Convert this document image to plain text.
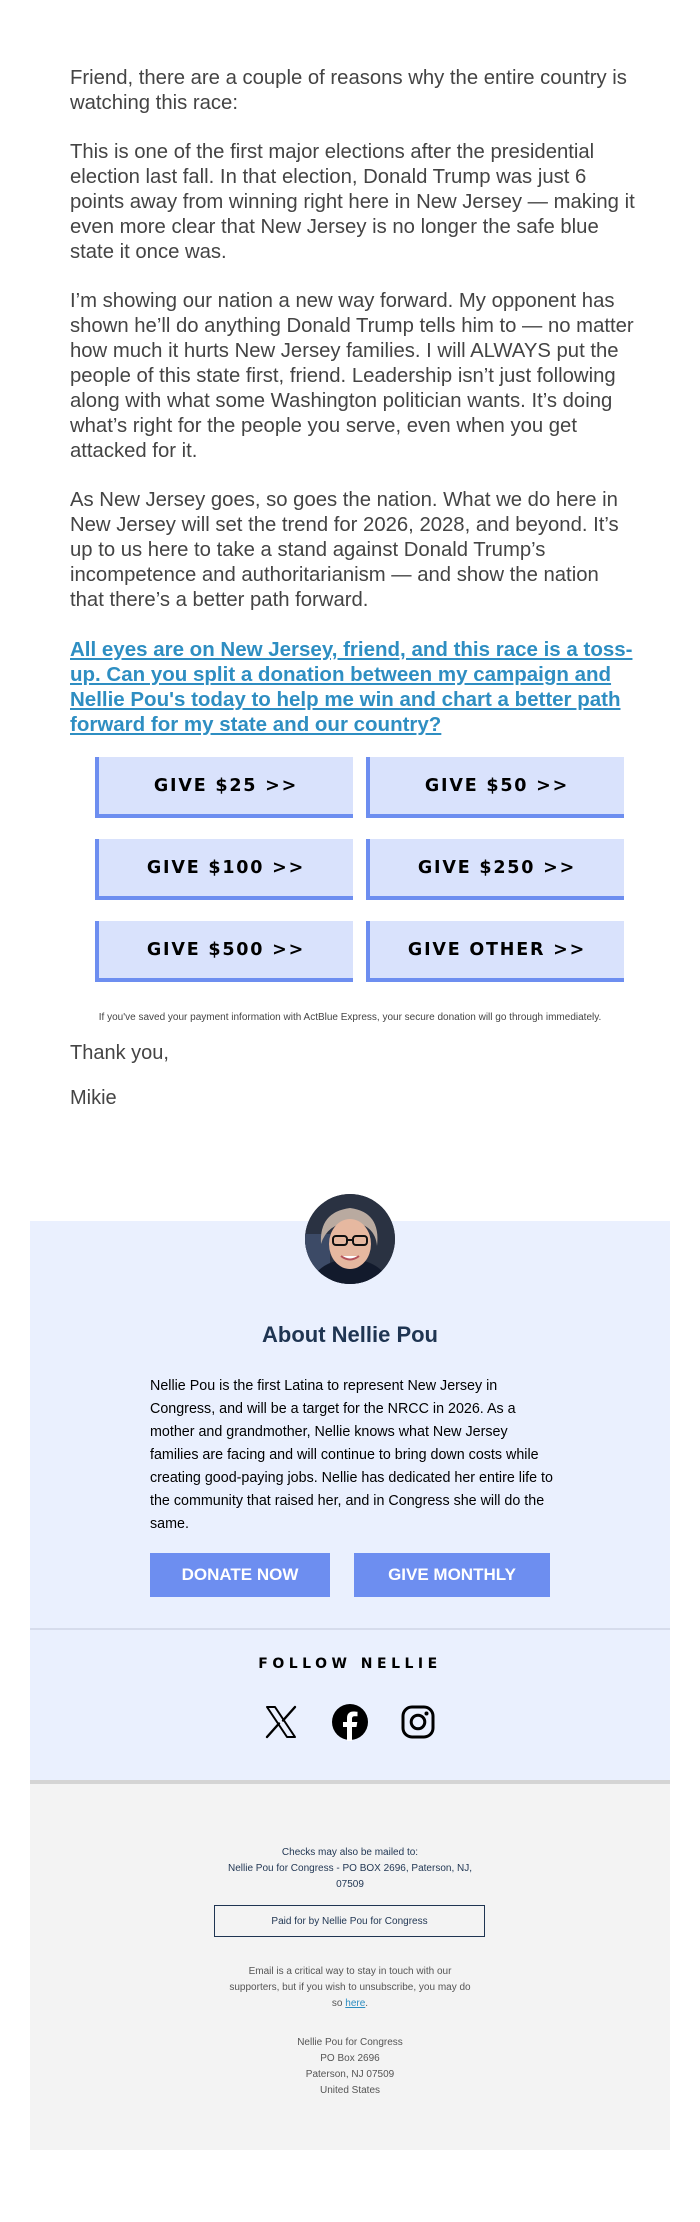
Friend, there are a couple of reasons why the entire country is watching this race:

This is one of the first major elections after the presidential election last fall. In that election, Donald Trump was just 6 points away from winning right here in New Jersey — making it even more clear that New Jersey is no longer the safe blue state it once was.

I’m showing our nation a new way forward. My opponent has shown he’ll do anything Donald Trump tells him to — no matter how much it hurts New Jersey families. I will ALWAYS put the people of this state first, friend. Leadership isn’t just following along with what some Washington politician wants. It’s doing what’s right for the people you serve, even when you get attacked for it.

As New Jersey goes, so goes the nation. What we do here in New Jersey will set the trend for 2026, 2028, and beyond. It’s up to us here to take a stand against Donald Trump’s incompetence and authoritarianism — and show the nation that there’s a better path forward.

All eyes are on New Jersey, friend, and this race is a toss-up. Can you split a donation between my campaign and Nellie Pou's today to help me win and chart a better path forward for my state and our country?
GIVE $25 >>	GIVE $50 >>
GIVE $100 >>	GIVE $250 >>
GIVE $500 >>	GIVE OTHER >>
If you've saved your payment information with ActBlue Express, your secure donation will go through immediately.
Thank you,
Mikie
About Nellie Pou
Nellie Pou is the first Latina to represent New Jersey in Congress, and will be a target for the NRCC in 2026. As a mother and grandmother, Nellie knows what New Jersey families are facing and will continue to bring down costs while creating good-paying jobs. Nellie has dedicated her entire life to the community that raised her, and in Congress she will do the same.
DONATE NOW	GIVE MONTHLY
FOLLOW NELLIE
Checks may also be mailed to:
Nellie Pou for Congress - PO BOX 2696, Paterson, NJ,
07509
Paid for by Nellie Pou for Congress
Email is a critical way to stay in touch with our
supporters, but if you wish to unsubscribe, you may do
so here.
Nellie Pou for Congress
PO Box 2696
Paterson, NJ 07509
United States
